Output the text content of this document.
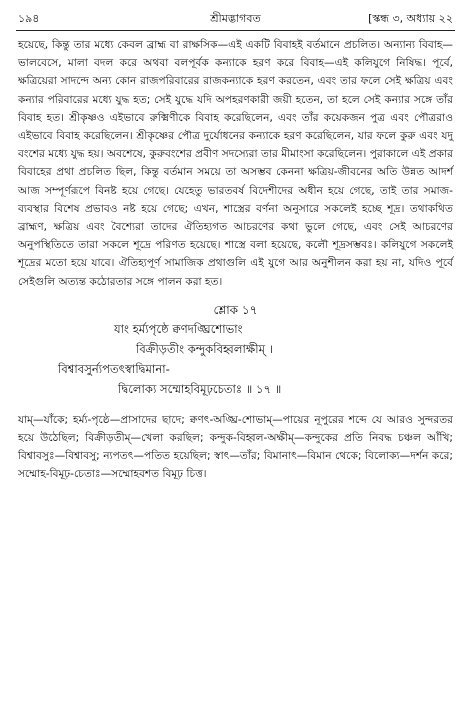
১৯৪	শ্রীমদ্ভাগবত	[স্কন্ধ ৩, অধ্যায় ২২

হয়েছে, কিন্তু তার মধ্যে কেবল ব্রাহ্ম বা রাক্ষসিক—এই একটি বিবাহই বর্তমানে প্রচলিত। অন্যান্য বিবাহ—ভালবেসে, মালা বদল করে অথবা বলপূর্বক কন্যাকে হরণ করে বিবাহ—এই কলিযুগে নিষিদ্ধ। পূর্বে, ক্ষত্রিয়েরা সাদন্দে অন্য কোন রাজপরিবারের রাজকন্যাকে হরণ করতেন, এবং তার ফলে সেই ক্ষত্রিয় এবং কন্যার পরিবারের মধ্যে যুদ্ধ হত; সেই যুদ্ধে যদি অপহরণকারী জয়ী হতেন, তা হলে সেই কন্যার সঙ্গে তাঁর বিবাহ হত। শ্রীকৃষ্ণও এইভাবে রুক্মিণীকে বিবাহ করেছিলেন, এবং তাঁর কয়েকজন পুত্র এবং পৌত্ররাও এইভাবে বিবাহ করেছিলেন। শ্রীকৃষ্ণের পৌত্র দুর্যোধনের কন্যাকে হরণ করেছিলেন, যার ফলে কুরু এবং যদু বংশের মধ্যে যুদ্ধ হয়। অবশেষে, কুরুবংশের প্রবীণ সদস্যেরা তার মীমাংসা করেছিলেন। পুরাকালে এই প্রকার বিবাহের প্রথা প্রচলিত ছিল, কিন্তু বর্তমান সময়ে তা অসম্ভব কেননা ক্ষত্রিয়-জীবনের অতি উন্নত আদর্শ আজ সম্পূর্ণরূপে বিনষ্ট হয়ে গেছে। যেহেতু ভারতবর্ষ বিদেশীদের অধীন হয়ে গেছে, তাই তার সমাজ-ব্যবস্থার বিশেষ প্রভাবও নষ্ট হয়ে গেছে; এখন, শাস্ত্রের বর্ণনা অনুসারে সকলেই হচ্ছে শূদ্র। তথাকথিত ব্রাহ্মণ, ক্ষত্রিয় এবং বৈশ্যেরা তাদের ঐতিহ্যগত আচরণের কথা ভুলে গেছে, এবং সেই আচরণের অনুপস্থিতিতে তারা সকলে শূদ্রে পরিণত হয়েছে। শাস্ত্রে বলা হয়েছে, কলৌ শূদ্রসম্ভবঃ। কলিযুগে সকলেই শূদ্রের মতো হয়ে যাবে। ঐতিহ্যপূর্ণ সামাজিক প্রথাগুলি এই যুগে আর অনুশীলন করা হয় না, যদিও পূর্বে সেইগুলি অত্যন্ত কঠোরতার সঙ্গে পালন করা হত।

শ্লোক ১৭
যাং হর্ম্যপৃষ্ঠে ক্বণদঙ্ঘ্রিশোভাং
বিক্রীড়তীং কন্দুকবিহ্বলাক্ষীম্ ।
বিশ্বাবসুর্ন্যপতৎস্বাদ্বিমানা-
দ্বিলোক্য সম্মোহবিমূঢ়চেতাঃ ॥ ১৭ ॥
যাম্—যাঁকে; হর্ম্য-পৃষ্ঠে—প্রাসাদের ছাদে; ক্বণৎ-অঙ্ঘ্রি-শোভাম্—পায়ের নূপুরের শব্দে যে আরও সুন্দরতর হয়ে উঠেছিল; বিক্রীড়তীম্—খেলা করছিল; কন্দুক-বিহ্বল-অক্ষীম্—কন্দুকের প্রতি নিবদ্ধ চঞ্চল আঁখি; বিশ্বাবসুঃ—বিশ্বাবসু; ন্যপতৎ—পতিত হয়েছিল; স্বাৎ—তাঁর; বিমানাৎ—বিমান থেকে; বিলোক্য—দর্শন করে; সম্মোহ-বিমূঢ়-চেতাঃ—সম্মোহবশত বিমূঢ় চিত্ত।
